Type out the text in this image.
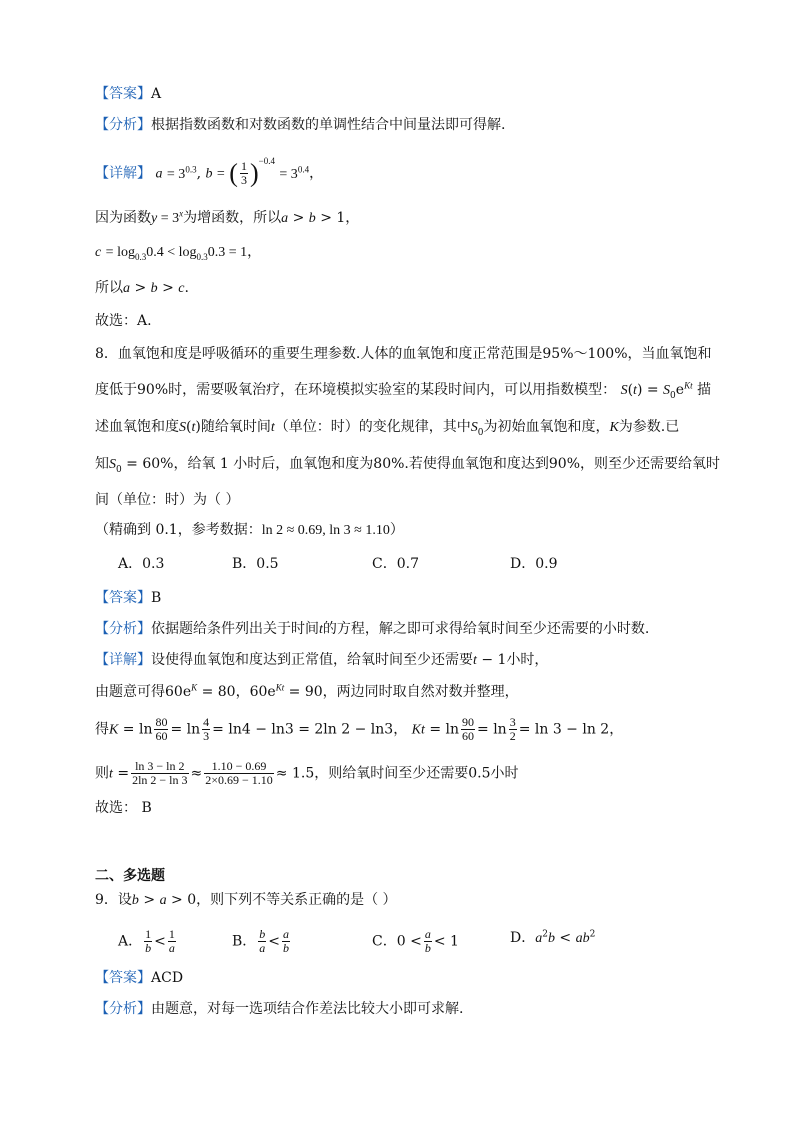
【答案】A
【分析】根据指数函数和对数函数的单调性结合中间量法即可得解.
【详解】 $a = 3^{0.3}$, b = ( $\frac{1}{3} )^{-0.4} = 3^{0.4}$，
因为函数$y = 3^x$为增函数，所以a > b > 1，
$c = \log_{0.3}0.4 < \log_{0.3}0.3 = 1$，
所以a > b > c.
故选：A.
8．血氧饱和度是呼吸循环的重要生理参数.人体的血氧饱和度正常范围是95%～100%，当血氧饱和
度低于90%时，需要吸氧治疗，在环境模拟实验室的某段时间内，可以用指数模型： $S(t) = S_0e^{Kt}$ 描
述血氧饱和度S(t)随给氧时间t（单位：时）的变化规律，其中$S_0$为初始血氧饱和度，K为参数.已
知$S_0 = 60\%$，给氧 1 小时后，血氧饱和度为80%.若使得血氧饱和度达到90%，则至少还需要给氧时
间（单位：时）为（ ）
（精确到 0.1，参考数据：ln 2 ≈ 0.69, ln 3 ≈ 1.10）
A．0.3	B．0.5	C．0.7	D．0.9
【答案】B
【分析】依据题给条件列出关于时间t的方程，解之即可求得给氧时间至少还需要的小时数.
【详解】设使得血氧饱和度达到正常值，给氧时间至少还需要t − 1小时，
由题意可得$60e^K = 80$，$60e^{Kt} = 90$，两边同时取自然对数并整理，
得$K = \ln \frac{80}{60} = \ln \frac{4}{3} = \ln 4 - \ln 3 = 2\ln$ 2 − ln3， $Kt = \ln \frac{90}{60} = \ln \frac{3}{2} = \ln 3 - \ln 2$，
则$t = \frac{\ln 3 - \ln 2}{2\ln 2 - \ln 3} \approx \frac{1.10 - 0.69}{2\times 0.69 - 1.10} \approx 1.5$，则给氧时间至少还需要0.5小时
故选： B
二、多选题
9．设b > a > 0，则下列不等关系正确的是（ ）
A． $\frac{1}{b} < \frac{1}{a}$	B． $\frac{b}{a} < \frac{a}{b}$	C．$0 < \frac{a}{b} < 1$	D．$a^2b < ab^2$
【答案】ACD
【分析】由题意，对每一选项结合作差法比较大小即可求解.
